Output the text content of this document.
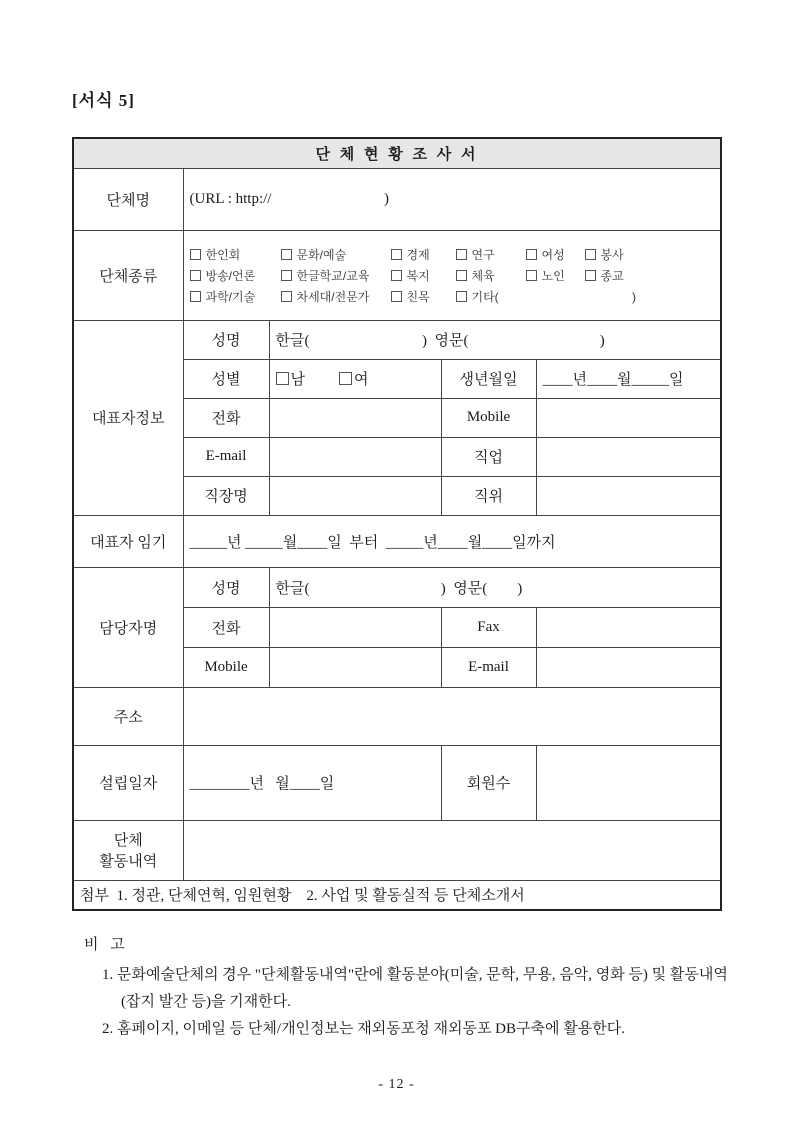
[서식 5]
단 체 현 황 조 사 서				
단체명	(URL : http://                              )			
단체종류	한인회 문화/예술 경제 연구 여성 봉사
방송/언론 한글학교/교육 복지 체육 노인 종교
과학/기술 차세대/전문가 친목 기타(                                        )			

대표자정보	성명	한글(                              )  영문(                                   )		
	성별	남 여	생년월일	____년____월_____일
	전화		Mobile	
	E-mail		직업	
	직장명		직위	
대표자 임기	_____년 _____월____일  부터  _____년____월____일까지			
담당자명	성명	한글(                                   )  영문(        )		
	전화		Fax	
	Mobile		E-mail	
주소				
설립일자	________년   월____일		회원수	

단체
활동내역				

첨부  1. 정관, 단체연혁, 임원현황    2. 사업 및 활동실적 등 단체소개서				
비 고
1. 문화예술단체의 경우 "단체활동내역"란에 활동분야(미술, 문학, 무용, 음악, 영화 등) 및 활동내역(잡지 발간 등)을 기재한다.
2. 홈페이지, 이메일 등 단체/개인정보는 재외동포청 재외동포 DB구축에 활용한다.
- 12 -
